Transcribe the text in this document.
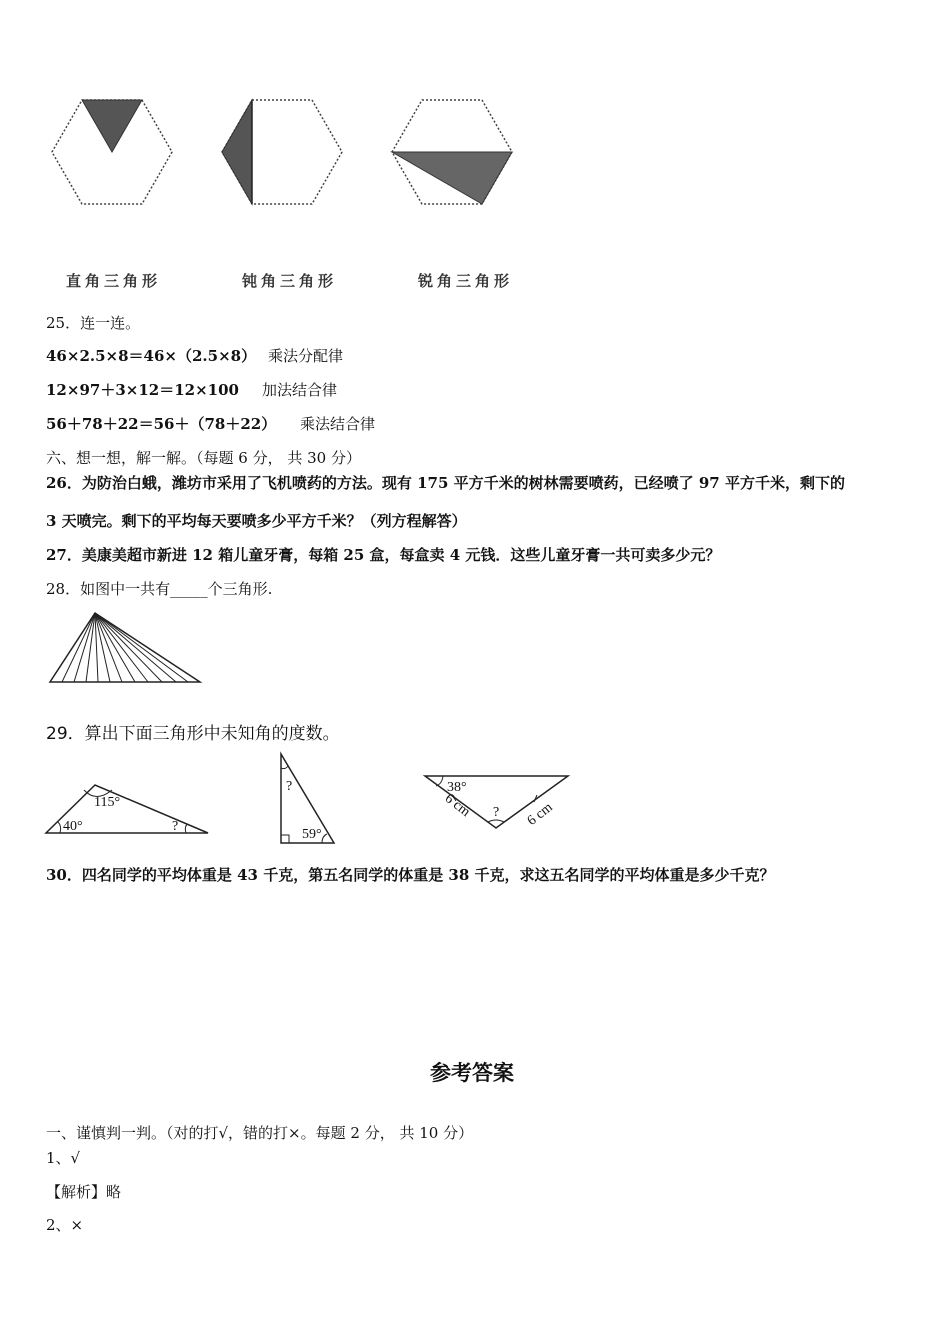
直角三角形	钝角三角形	锐角三角形
25．连一连。
46×2.5×8＝46×（2.5×8） 乘法分配律
12×97＋3×12＝12×100 加法结合律
56＋78＋22＝56＋（78＋22） 乘法结合律
六、想一想，解一解。（每题 6 分， 共 30 分）
26．为防治白蛾，潍坊市采用了飞机喷药的方法。现有 175 平方千米的树林需要喷药，已经喷了 97 平方千米，剩下的
3 天喷完。剩下的平均每天要喷多少平方千米？（列方程解答）
27．美康美超市新进 12 箱儿童牙膏，每箱 25 盒，每盒卖 4 元钱．这些儿童牙膏一共可卖多少元？
28．如图中一共有_____个三角形.
29．算出下面三角形中未知角的度数。
115°
40°	?
?
59°
38°
6 cm	6 cm
?
30．四名同学的平均体重是 43 千克，第五名同学的体重是 38 千克，求这五名同学的平均体重是多少千克？
参考答案
一、谨慎判一判。（对的打√，错的打×。每题 2 分， 共 10 分）
1、√
【解析】略
2、×
